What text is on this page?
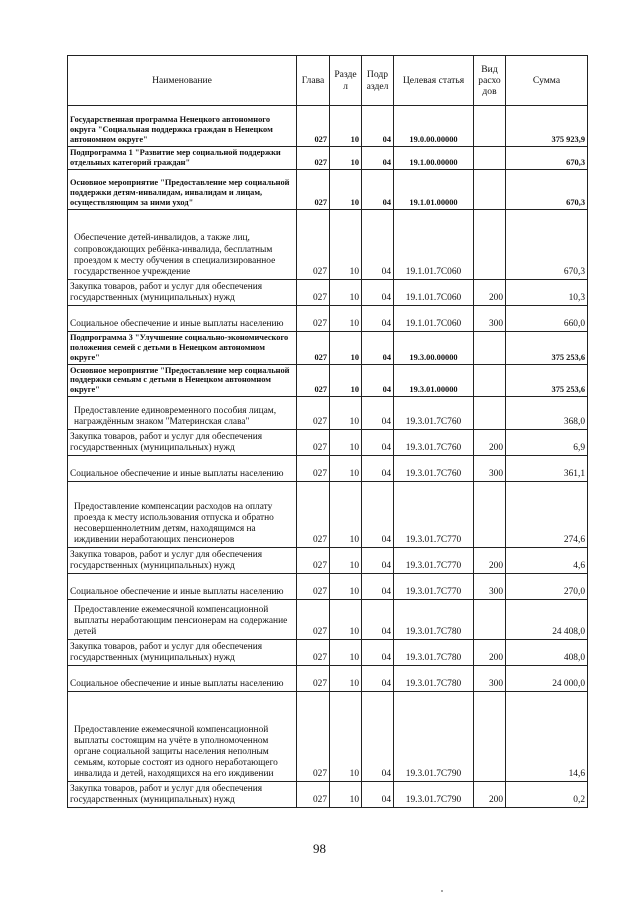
Наименование	Глава	Разде л	Подр аздел	Целевая статья	Вид расхо дов	Сумма
Государственная программа Ненецкого автономного округа "Социальная поддержка граждан в Ненецком автономном округе"	027	10	04	19.0.00.00000		375 923,9
Подпрограмма 1 "Развитие мер социальной поддержки отдельных категорий граждан"	027	10	04	19.1.00.00000		670,3
Основное мероприятие "Предоставление мер социальной поддержки детям-инвалидам, инвалидам и лицам, осуществляющим за ними уход"	027	10	04	19.1.01.00000		670,3
Обеспечение детей-инвалидов, а также лиц, сопровождающих ребёнка-инвалида, бесплатным проездом к месту обучения в специализированное государственное учреждение	027	10	04	19.1.01.7С060		670,3
Закупка товаров, работ и услуг для обеспечения государственных (муниципальных) нужд	027	10	04	19.1.01.7С060	200	10,3
Социальное обеспечение и иные выплаты населению	027	10	04	19.1.01.7С060	300	660,0
Подпрограмма 3 "Улучшение социально-экономического положения семей с детьми в Ненецком автономном округе"	027	10	04	19.3.00.00000		375 253,6
Основное мероприятие "Предоставление мер социальной поддержки семьям с детьми в Ненецком автономном округе"	027	10	04	19.3.01.00000		375 253,6
Предоставление единовременного пособия лицам, награждённым знаком "Материнская слава"	027	10	04	19.3.01.7С760		368,0
Закупка товаров, работ и услуг для обеспечения государственных (муниципальных) нужд	027	10	04	19.3.01.7С760	200	6,9
Социальное обеспечение и иные выплаты населению	027	10	04	19.3.01.7С760	300	361,1
Предоставление компенсации расходов на оплату проезда к месту использования отпуска и обратно несовершеннолетним детям, находящимся на иждивении неработающих пенсионеров	027	10	04	19.3.01.7С770		274,6
Закупка товаров, работ и услуг для обеспечения государственных (муниципальных) нужд	027	10	04	19.3.01.7С770	200	4,6
Социальное обеспечение и иные выплаты населению	027	10	04	19.3.01.7С770	300	270,0
Предоставление ежемесячной компенсационной выплаты неработающим пенсионерам на содержание детей	027	10	04	19.3.01.7С780		24 408,0
Закупка товаров, работ и услуг для обеспечения государственных (муниципальных) нужд	027	10	04	19.3.01.7С780	200	408,0
Социальное обеспечение и иные выплаты населению	027	10	04	19.3.01.7С780	300	24 000,0
Предоставление ежемесячной компенсационной выплаты состоящим на учёте в уполномоченном органе социальной защиты населения неполным семьям, которые состоят из одного неработающего инвалида и детей, находящихся на его иждивении	027	10	04	19.3.01.7С790		14,6
Закупка товаров, работ и услуг для обеспечения государственных (муниципальных) нужд	027	10	04	19.3.01.7С790	200	0,2
98
